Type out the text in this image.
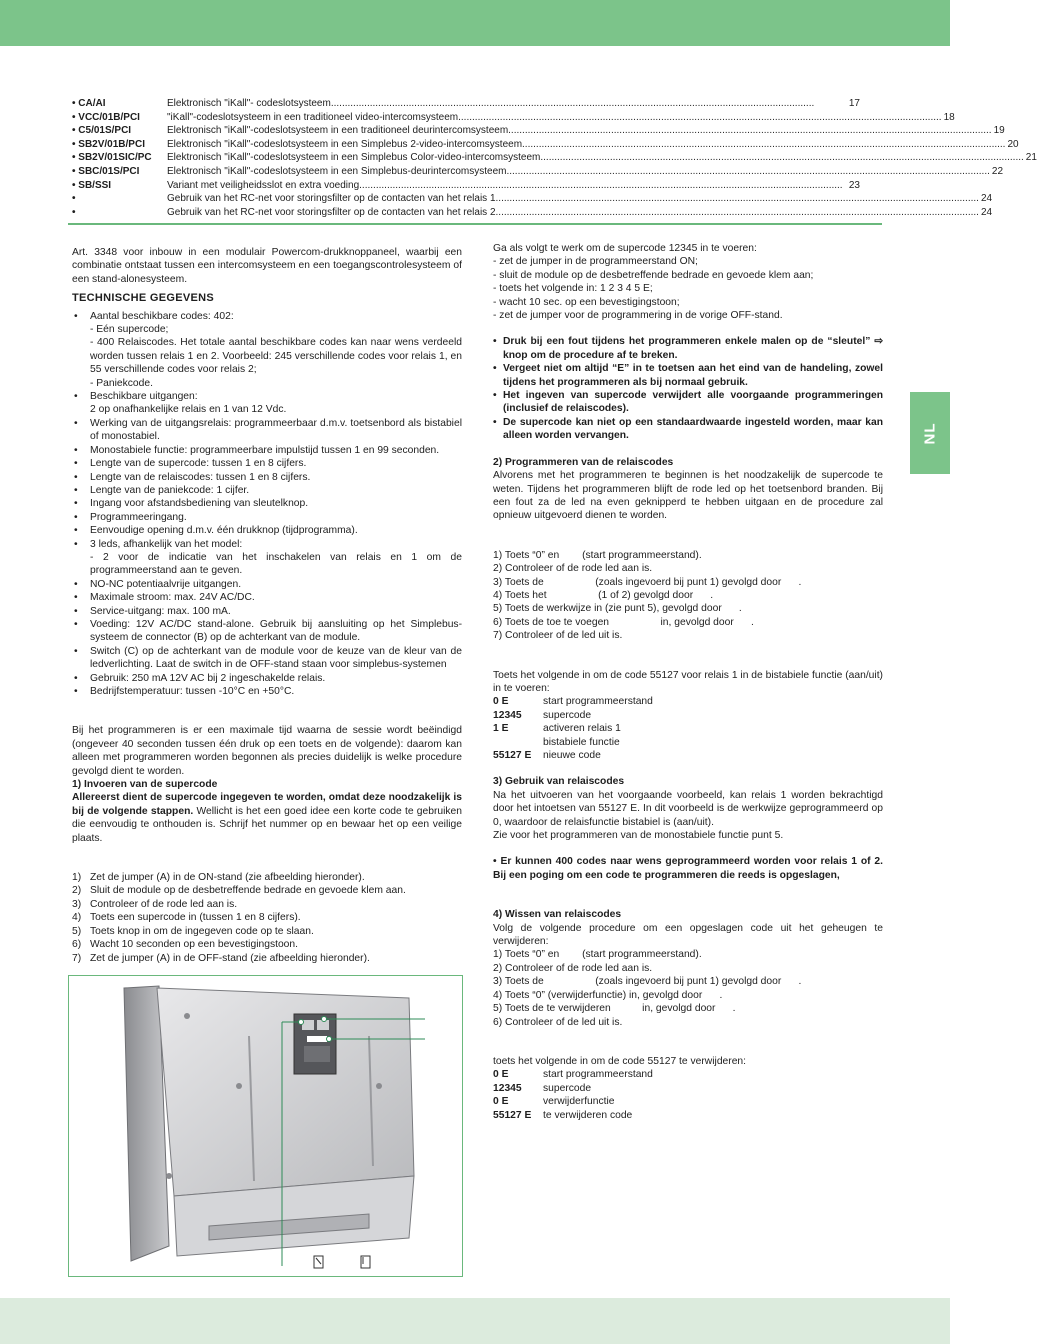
NL
• CA/AI	Elektronisch "iKall"- codeslotsysteem..............................................................................................................................................................................	17
• VCC/01B/PCI	"iKall"-codeslotsysteem in een traditioneel video-intercomsysteem.............................................................................................................................................................................. 18
• C5/01S/PCI	Elektronisch "iKall"-codeslotsysteem in een traditioneel deurintercomsysteem.............................................................................................................................................................................. 19
• SB2V/01B/PCI	Elektronisch "iKall"-codeslotsysteem in een Simplebus 2-video-intercomsysteem.............................................................................................................................................................................. 20
• SB2V/01SIC/PC	Elektronisch "iKall"-codeslotsysteem in een Simplebus Color-video-intercomsysteem.............................................................................................................................................................................. 21
• SBC/01S/PCI	Elektronisch "iKall"-codeslotsysteem in een Simplebus-deurintercomsysteem.............................................................................................................................................................................. 22
• SB/SSI	Variant met veiligheidsslot en extra voeding.............................................................................................................................................................................. 23
•	Gebruik van het RC-net voor storingsfilter op de contacten van het relais 1.............................................................................................................................................................................. 24
•	Gebruik van het RC-net voor storingsfilter op de contacten van het relais 2.............................................................................................................................................................................. 24
Art. 3348 voor inbouw in een modulair Powercom-drukknoppaneel, waarbij een combinatie ontstaat tussen een intercomsysteem en een toegangscontrolesysteem of een stand-alonesysteem.
TECHNISCHE GEGEVENS
• Aantal beschikbare codes: 402:
- Eén supercode;
- 400 Relaiscodes. Het totale aantal beschikbare codes kan naar wens verdeeld worden tussen relais 1 en 2. Voorbeeld: 245 verschillende codes voor relais 1, en 55 verschillende codes voor relais 2;
- Paniekcode.
• Beschikbare uitgangen:
2 op onafhankelijke relais en 1 van 12 Vdc.
• Werking van de uitgangsrelais: programmeerbaar d.m.v. toetsenbord als bistabiel of monostabiel.
• Monostabiele functie: programmeerbare impulstijd tussen 1 en 99 seconden.
• Lengte van de supercode: tussen 1 en 8 cijfers.
• Lengte van de relaiscodes: tussen 1 en 8 cijfers.
• Lengte van de paniekcode: 1 cijfer.
• Ingang voor afstandsbediening van sleutelknop.
• Programmeeringang.
• Eenvoudige opening d.m.v. één drukknop (tijdprogramma).
• 3 leds, afhankelijk van het model:
- 2 voor de indicatie van het inschakelen van relais en 1 om de programmeerstand aan te geven.
• NO-NC potentiaalvrije uitgangen.
• Maximale stroom: max. 24V AC/DC.
• Service-uitgang: max. 100 mA.
• Voeding: 12V AC/DC stand-alone. Gebruik bij aansluiting op het Simplebus-systeem de connector (B) op de achterkant van de module.
• Switch (C) op de achterkant van de module voor de keuze van de kleur van de ledverlichting. Laat de switch in de OFF-stand staan voor simplebus-systemen
• Gebruik: 250 mA 12V AC bij 2 ingeschakelde relais.
• Bedrijfstemperatuur: tussen -10°C en +50°C.
Bij het programmeren is er een maximale tijd waarna de sessie wordt beëindigd (ongeveer 40 seconden tussen één druk op een toets en de volgende): daarom kan alleen met programmeren worden begonnen als precies duidelijk is welke procedure gevolgd dient te worden.
1) Invoeren van de supercode
Allereerst dient de supercode ingegeven te worden, omdat deze noodzakelijk is bij de volgende stappen. Wellicht is het een goed idee een korte code te gebruiken die eenvoudig te onthouden is. Schrijf het nummer op en bewaar het op een veilige plaats.
1) Zet de jumper (A) in de ON-stand (zie afbeelding hieronder).
2) Sluit de module op de desbetreffende bedrade en gevoede klem aan.
3) Controleer of de rode led aan is.
4) Toets een supercode in (tussen 1 en 8 cijfers).
5) Toets knop in om de ingegeven code op te slaan.
6) Wacht 10 seconden op een bevestigingstoon.
7) Zet de jumper (A) in de OFF-stand (zie afbeelding hieronder).
Ga als volgt te werk om de supercode 12345 in te voeren:
- zet de jumper in de programmeerstand ON;
- sluit de module op de desbetreffende bedrade en gevoede klem aan;
- toets het volgende in: 1 2 3 4 5 E;
- wacht 10 sec. op een bevestigingstoon;
- zet de jumper voor de programmering in de vorige OFF-stand.
• Druk bij een fout tijdens het programmeren enkele malen op de “sleutel” ⇨ knop om de procedure af te breken.
• Vergeet niet om altijd “E” in te toetsen aan het eind van de handeling, zowel tijdens het programmeren als bij normaal gebruik.
• Het ingeven van supercode verwijdert alle voorgaande programmeringen (inclusief de relaiscodes).
• De supercode kan niet op een standaardwaarde ingesteld worden, maar kan alleen worden vervangen.
2) Programmeren van de relaiscodes
Alvorens met het programmeren te beginnen is het noodzakelijk de supercode te weten. Tijdens het programmeren blijft de rode led op het toetsenbord branden. Bij een fout za de led na even geknipperd te hebben uitgaan en de procedure zal opnieuw uitgevoerd dienen te worden.
1) Toets “0” en        (start programmeerstand).
2) Controleer of de rode led aan is.
3) Toets de                  (zoals ingevoerd bij punt 1) gevolgd door      .
4) Toets het                  (1 of 2) gevolgd door      .
5) Toets de werkwijze in (zie punt 5), gevolgd door      .
6) Toets de toe te voegen                  in, gevolgd door      .
7) Controleer of de led uit is.
Toets het volgende in om de code 55127 voor relais 1 in de bistabiele functie (aan/uit) in te voeren:
0 E	start programmeerstand
12345	supercode
1 E	activeren relais 1
	bistabiele functie
55127 E	nieuwe code
3) Gebruik van relaiscodes
Na het uitvoeren van het voorgaande voorbeeld, kan relais 1 worden bekrachtigd door het intoetsen van 55127 E. In dit voorbeeld is de werkwijze geprogrammeerd op 0, waardoor de relaisfunctie bistabiel is (aan/uit).
Zie voor het programmeren van de monostabiele functie punt 5.
• Er kunnen 400 codes naar wens geprogrammeerd worden voor relais 1 of 2. Bij een poging om een code te programmeren die reeds is opgeslagen,
4) Wissen van relaiscodes
Volg de volgende procedure om een opgeslagen code uit het geheugen te verwijderen:
1) Toets “0” en        (start programmeerstand).
2) Controleer of de rode led aan is.
3) Toets de                  (zoals ingevoerd bij punt 1) gevolgd door      .
4) Toets “0” (verwijderfunctie) in, gevolgd door      .
5) Toets de te verwijderen           in, gevolgd door      .
6) Controleer of de led uit is.
toets het volgende in om de code 55127 te verwijderen:
0 E	start programmeerstand
12345	supercode
0 E	verwijderfunctie
55127 E	te verwijderen code
